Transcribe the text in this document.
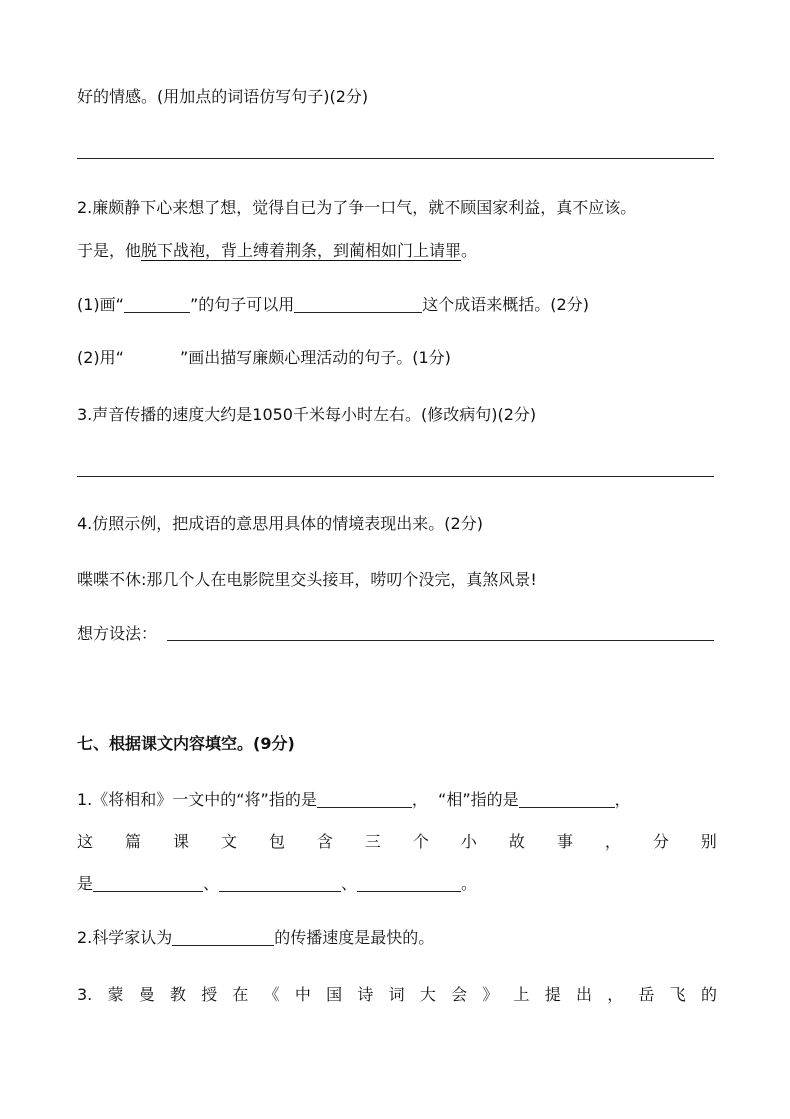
好的情感。(用加点的词语仿写句子)(2分)
2.廉颇静下心来想了想，觉得自已为了争一口气，就不顾国家利益，真不应该。
于是，他脱下战袍，背上缚着荆条，到蔺相如门上请罪。
(1)画“	”的句子可以用	这个成语来概括。(2分)
(2)用“	”画出描写廉颇心理活动的句子。(1分)
3.声音传播的速度大约是1050千米每小时左右。(修改病句)(2分)
4.仿照示例，把成语的意思用具体的情境表现出来。(2分)
喋喋不休:那几个人在电影院里交头接耳，唠叨个没完，真煞风景!
想方设法：
七、根据课文内容填空。(9分)
1.《将相和》一文中的“将”指的是	，  “相”指的是	，
这 篇 课 文 包 含 三 个 小 故 事 ， 分 别
是	、	、	。
2.科学家认为	的传播速度是最快的。
3. 蒙 曼 教 授 在 《 中 国 诗 词 大 会 》 上 提 出 ， 岳 飞 的
